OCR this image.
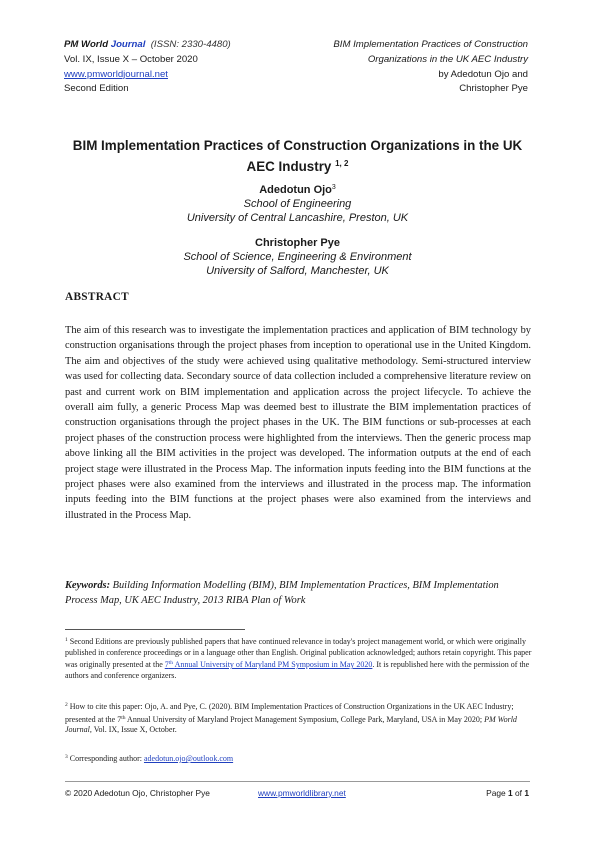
PM World Journal (ISSN: 2330-4480)
Vol. IX, Issue X – October 2020
www.pmworldjournal.net
Second Edition
BIM Implementation Practices of Construction
Organizations in the UK AEC Industry
by Adedotun Ojo and
Christopher Pye
BIM Implementation Practices of Construction Organizations in the UK
AEC Industry $^{1, 2}$
Adedotun Ojo$^3$
School of Engineering
University of Central Lancashire, Preston, UK
Christopher Pye
School of Science, Engineering & Environment
University of Salford, Manchester, UK
ABSTRACT

The aim of this research was to investigate the implementation practices and application of BIM technology by construction organisations through the project phases from inception to operational use in the United Kingdom. The aim and objectives of the study were achieved using qualitative methodology. Semi-structured interview was used for collecting data. Secondary source of data collection included a comprehensive literature review on past and current work on BIM implementation and application across the project lifecycle. To achieve the overall aim fully, a generic Process Map was deemed best to illustrate the BIM implementation practices of construction organisations through the project phases in the UK. The BIM functions or sub-processes at each project phases of the construction process were highlighted from the interviews. Then the generic process map above linking all the BIM activities in the project was developed. The information outputs at the end of each project stage were illustrated in the Process Map. The information inputs feeding into the BIM functions at the project phases were also examined from the interviews and illustrated in the process map. The information inputs feeding into the BIM functions at the project phases were also examined from the interviews and illustrated in the Process Map.

Keywords: Building Information Modelling (BIM), BIM Implementation Practices, BIM Implementation Process Map, UK AEC Industry, 2013 RIBA Plan of Work

$^1$ Second Editions are previously published papers that have continued relevance in today's project management world, or which were originally published in conference proceedings or in a language other than English. Original publication acknowledged; authors retain copyright. This paper was originally presented at the 7th Annual University of Maryland PM Symposium in May 2020. It is republished here with the permission of the authors and conference organizers.

$^2$ How to cite this paper: Ojo, A. and Pye, C. (2020). BIM Implementation Practices of Construction Organizations in the UK AEC Industry; presented at the 7th Annual University of Maryland Project Management Symposium, College Park, Maryland, USA in May 2020; PM World Journal, Vol. IX, Issue X, October.

$^3$ Corresponding author: adedotun.ojo@outlook.com

© 2020 Adedotun Ojo, Christopher Pye	www.pmworldlibrary.net	Page 1 of 1
